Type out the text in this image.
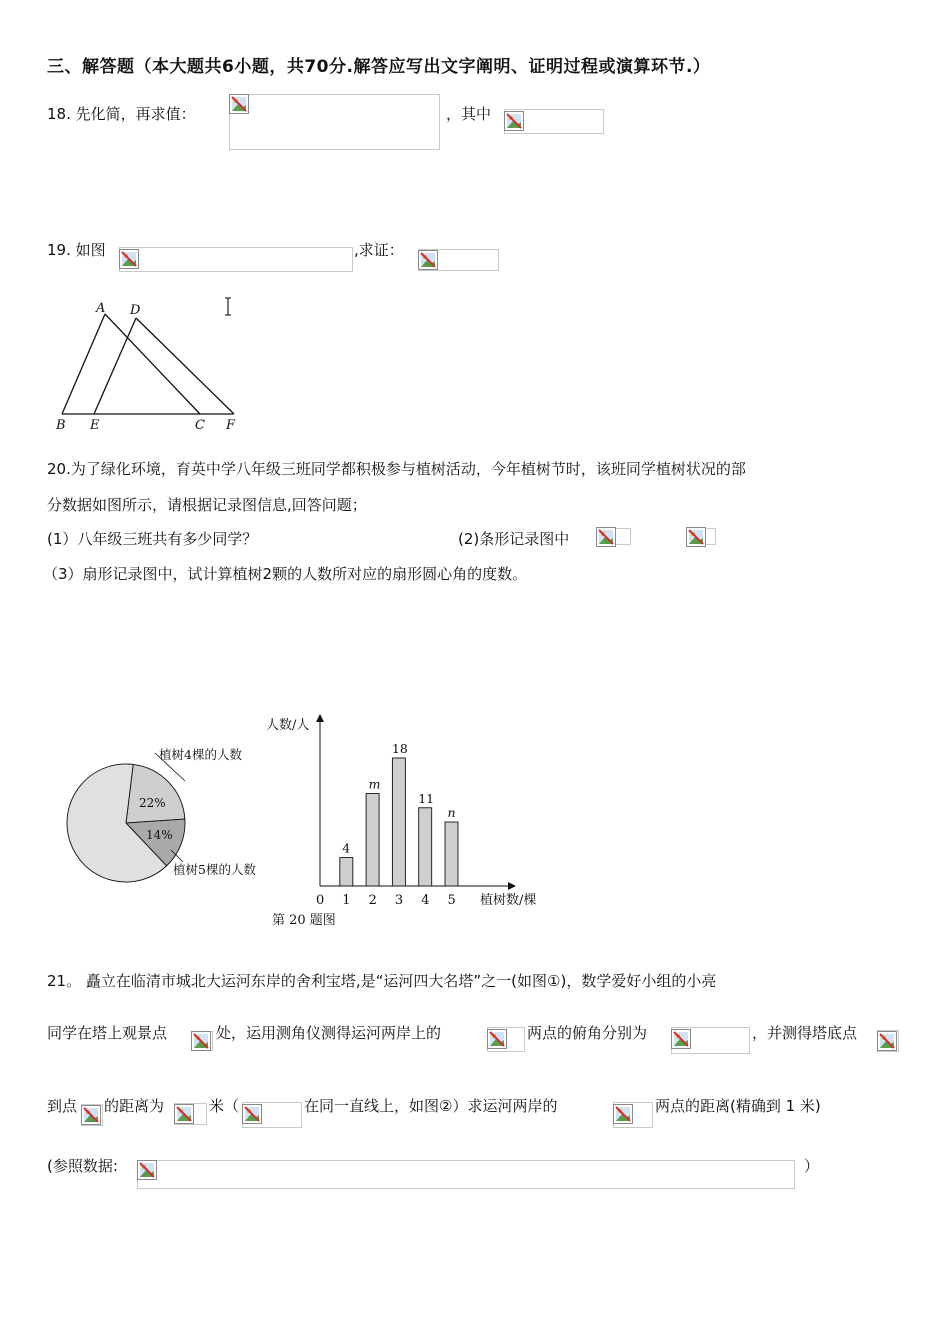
三、解答题（本大题共6小题，共70分.解答应写出文字阐明、证明过程或演算环节.）
18. 先化简，再求值：	，其中
19. 如图	,求证：
A D
B E	C F
20.为了绿化环境，育英中学八年级三班同学都积极参与植树活动，今年植树节时，该班同学植树状况的部
分数据如图所示，请根据记录图信息,回答问题；
(1）八年级三班共有多少同学？	(2)条形记录图中
（3）扇形记录图中，试计算植树2颗的人数所对应的扇形圆心角的度数。
植树4棵的人数
植树5棵的人数
22%
14%
人数/人
植树数/棵
0 1 2 3 4 5
4
m
18
11
n
第 20 题图
21。 矗立在临清市城北大运河东岸的舍利宝塔,是“运河四大名塔”之一(如图①)，数学爱好小组的小亮
同学在塔上观景点	处，运用测角仪测得运河两岸上的	两点的俯角分别为	，并测得塔底点
到点 的距离为	米（	在同一直线上，如图②）求运河两岸的	两点的距离(精确到 1 米)
(参照数据:	）
